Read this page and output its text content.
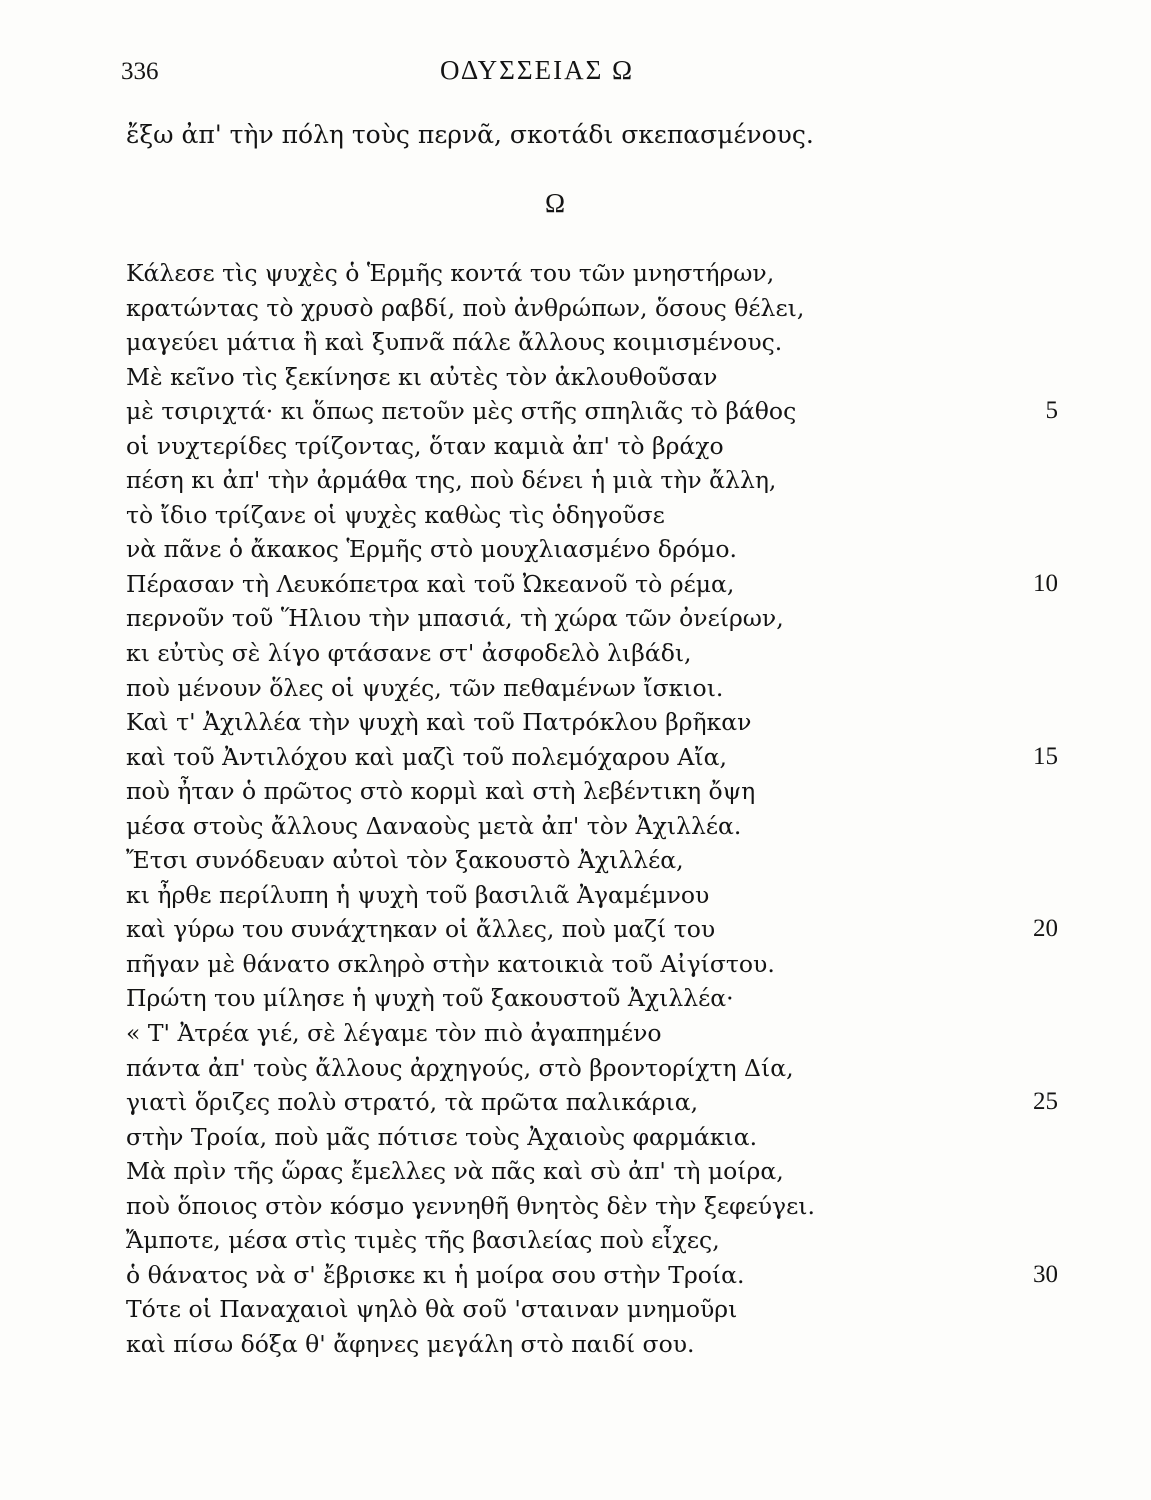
336	ΟΔΥΣΣΕΙΑΣ Ω
ἔξω ἀπ' τὴν πόλη τοὺς περνᾶ, σκοτάδι σκεπασμένους.
Ω
Κάλεσε τὶς ψυχὲς ὁ Ἑρμῆς κοντά του τῶν μνηστήρων,
κρατώντας τὸ χρυσὸ ραβδί, ποὺ ἀνθρώπων, ὅσους θέλει,
μαγεύει μάτια ἢ καὶ ξυπνᾶ πάλε ἄλλους κοιμισμένους.
Μὲ κεῖνο τὶς ξεκίνησε κι αὐτὲς τὸν ἀκλουθοῦσαν
μὲ τσιριχτά· κι ὅπως πετοῦν μὲς στῆς σπηλιᾶς τὸ βάθος	5
οἱ νυχτερίδες τρίζοντας, ὅταν καμιὰ ἀπ' τὸ βράχο
πέση κι ἀπ' τὴν ἀρμάθα της, ποὺ δένει ἡ μιὰ τὴν ἄλλη,
τὸ ἴδιο τρίζανε οἱ ψυχὲς καθὼς τὶς ὁδηγοῦσε
νὰ πᾶνε ὁ ἄκακος Ἑρμῆς στὸ μουχλιασμένο δρόμο.
Πέρασαν τὴ Λευκόπετρα καὶ τοῦ Ὠκεανοῦ τὸ ρέμα,	10
περνοῦν τοῦ Ἥλιου τὴν μπασιά, τὴ χώρα τῶν ὀνείρων,
κι εὐτὺς σὲ λίγο φτάσανε στ' ἀσφοδελὸ λιβάδι,
ποὺ μένουν ὅλες οἱ ψυχές, τῶν πεθαμένων ἴσκιοι.
Καὶ τ' Ἀχιλλέα τὴν ψυχὴ καὶ τοῦ Πατρόκλου βρῆκαν
καὶ τοῦ Ἀντιλόχου καὶ μαζὶ τοῦ πολεμόχαρου Αἴα,	15
ποὺ ἦταν ὁ πρῶτος στὸ κορμὶ καὶ στὴ λεβέντικη ὄψη
μέσα στοὺς ἄλλους Δαναοὺς μετὰ ἀπ' τὸν Ἀχιλλέα.
Ἔτσι συνόδευαν αὐτοὶ τὸν ξακουστὸ Ἀχιλλέα,
κι ἦρθε περίλυπη ἡ ψυχὴ τοῦ βασιλιᾶ Ἀγαμέμνου
καὶ γύρω του συνάχτηκαν οἱ ἄλλες, ποὺ μαζί του	20
πῆγαν μὲ θάνατο σκληρὸ στὴν κατοικιὰ τοῦ Αἰγίστου.
Πρώτη του μίλησε ἡ ψυχὴ τοῦ ξακουστοῦ Ἀχιλλέα·
« Τ' Ἀτρέα γιέ, σὲ λέγαμε τὸν πιὸ ἀγαπημένο
πάντα ἀπ' τοὺς ἄλλους ἀρχηγούς, στὸ βροντορίχτη Δία,
γιατὶ ὅριζες πολὺ στρατό, τὰ πρῶτα παλικάρια,	25
στὴν Τροία, ποὺ μᾶς πότισε τοὺς Ἀχαιοὺς φαρμάκια.
Μὰ πρὶν τῆς ὥρας ἔμελλες νὰ πᾶς καὶ σὺ ἀπ' τὴ μοίρα,
ποὺ ὅποιος στὸν κόσμο γεννηθῆ θνητὸς δὲν τὴν ξεφεύγει.
Ἄμποτε, μέσα στὶς τιμὲς τῆς βασιλείας ποὺ εἶχες,
ὁ θάνατος νὰ σ' ἔβρισκε κι ἡ μοίρα σου στὴν Τροία.	30
Τότε οἱ Παναχαιοὶ ψηλὸ θὰ σοῦ 'σταιναν μνημοῦρι
καὶ πίσω δόξα θ' ἄφηνες μεγάλη στὸ παιδί σου.
